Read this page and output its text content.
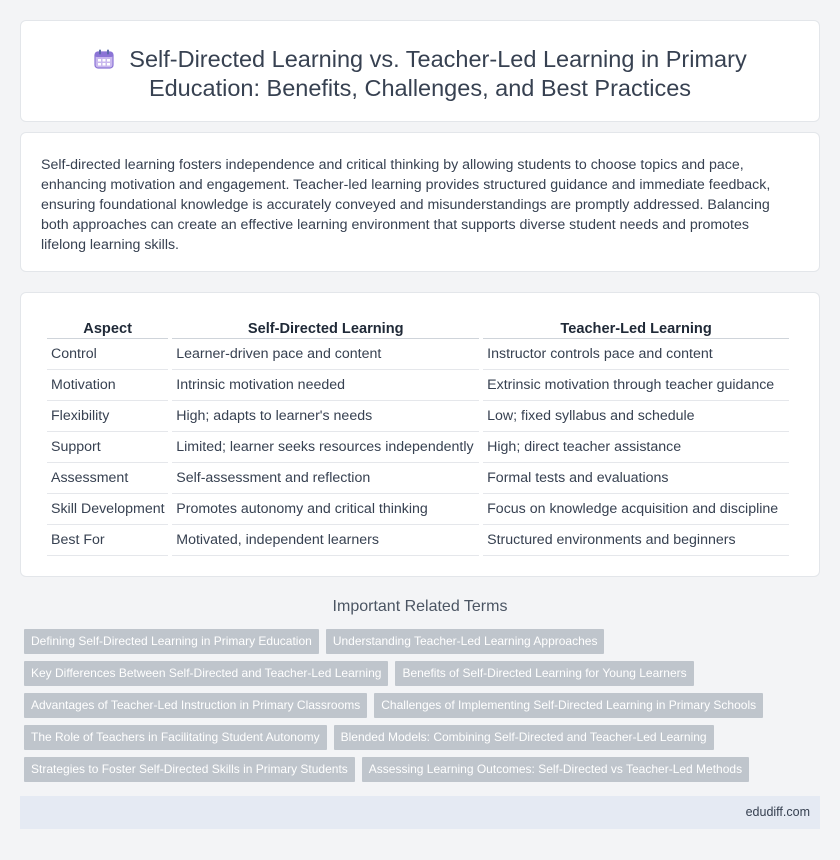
Self-Directed Learning vs. Teacher-Led Learning in Primary Education: Benefits, Challenges, and Best Practices

Self-directed learning fosters independence and critical thinking by allowing students to choose topics and pace, enhancing motivation and engagement. Teacher-led learning provides structured guidance and immediate feedback, ensuring foundational knowledge is accurately conveyed and misunderstandings are promptly addressed. Balancing both approaches can create an effective learning environment that supports diverse student needs and promotes lifelong learning skills.

Aspect	Self-Directed Learning	Teacher-Led Learning
Control	Learner-driven pace and content	Instructor controls pace and content
Motivation	Intrinsic motivation needed	Extrinsic motivation through teacher guidance
Flexibility	High; adapts to learner's needs	Low; fixed syllabus and schedule
Support	Limited; learner seeks resources independently	High; direct teacher assistance
Assessment	Self-assessment and reflection	Formal tests and evaluations
Skill Development	Promotes autonomy and critical thinking	Focus on knowledge acquisition and discipline
Best For	Motivated, independent learners	Structured environments and beginners
Important Related Terms
Defining Self-Directed Learning in Primary Education	Understanding Teacher-Led Learning Approaches
Key Differences Between Self-Directed and Teacher-Led Learning	Benefits of Self-Directed Learning for Young Learners
Advantages of Teacher-Led Instruction in Primary Classrooms	Challenges of Implementing Self-Directed Learning in Primary Schools
The Role of Teachers in Facilitating Student Autonomy	Blended Models: Combining Self-Directed and Teacher-Led Learning
Strategies to Foster Self-Directed Skills in Primary Students	Assessing Learning Outcomes: Self-Directed vs Teacher-Led Methods
edudiff.com
